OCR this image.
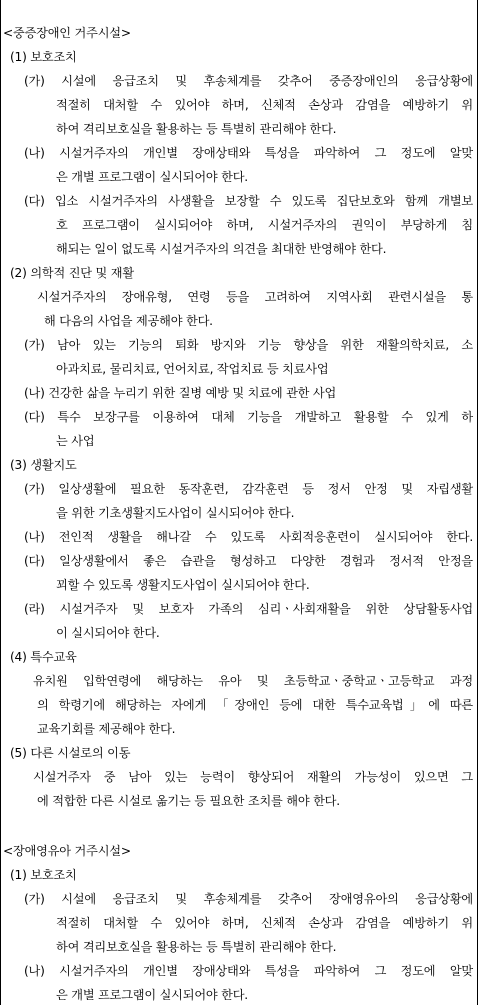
<중증장애인 거주시설>
(1) 보호조치
(가) 시설에 응급조치 및 후송체계를 갖추어 중증장애인의 응급상황에
적절히 대처할 수 있어야 하며, 신체적 손상과 감염을 예방하기 위
하여 격리보호실을 활용하는 등 특별히 관리해야 한다.
(나) 시설거주자의 개인별 장애상태와 특성을 파악하여 그 정도에 알맞
은 개별 프로그램이 실시되어야 한다.
(다) 입소 시설거주자의 사생활을 보장할 수 있도록 집단보호와 함께 개별보
호 프로그램이 실시되어야 하며, 시설거주자의 권익이 부당하게 침
해되는 일이 없도록 시설거주자의 의견을 최대한 반영해야 한다.
(2) 의학적 진단 및 재활
시설거주자의 장애유형, 연령 등을 고려하여 지역사회 관련시설을 통
해 다음의 사업을 제공해야 한다.
(가) 남아 있는 기능의 퇴화 방지와 기능 향상을 위한 재활의학치료, 소
아과치료, 물리치료, 언어치료, 작업치료 등 치료사업
(나) 건강한 삶을 누리기 위한 질병 예방 및 치료에 관한 사업
(다) 특수 보장구를 이용하여 대체 기능을 개발하고 활용할 수 있게 하
는 사업
(3) 생활지도
(가) 일상생활에 필요한 동작훈련, 감각훈련 등 정서 안정 및 자립생활
을 위한 기초생활지도사업이 실시되어야 한다.
(나) 전인적 생활을 해나갈 수 있도록 사회적응훈련이 실시되어야 한다.
(다) 일상생활에서 좋은 습관을 형성하고 다양한 경험과 정서적 안정을
꾀할 수 있도록 생활지도사업이 실시되어야 한다.
(라) 시설거주자 및 보호자 가족의 심리ㆍ사회재활을 위한 상담활동사업
이 실시되어야 한다.
(4) 특수교육
유치원 입학연령에 해당하는 유아 및 초등학교ㆍ중학교ㆍ고등학교 과정
의 학령기에 해당하는 자에게 「장애인 등에 대한 특수교육법」에 따른
교육기회를 제공해야 한다.
(5) 다른 시설로의 이동
시설거주자 중 남아 있는 능력이 향상되어 재활의 가능성이 있으면 그
에 적합한 다른 시설로 옮기는 등 필요한 조치를 해야 한다.
<장애영유아 거주시설>
(1) 보호조치
(가) 시설에 응급조치 및 후송체계를 갖추어 장애영유아의 응급상황에
적절히 대처할 수 있어야 하며, 신체적 손상과 감염을 예방하기 위
하여 격리보호실을 활용하는 등 특별히 관리해야 한다.
(나) 시설거주자의 개인별 장애상태와 특성을 파악하여 그 정도에 알맞
은 개별 프로그램이 실시되어야 한다.
